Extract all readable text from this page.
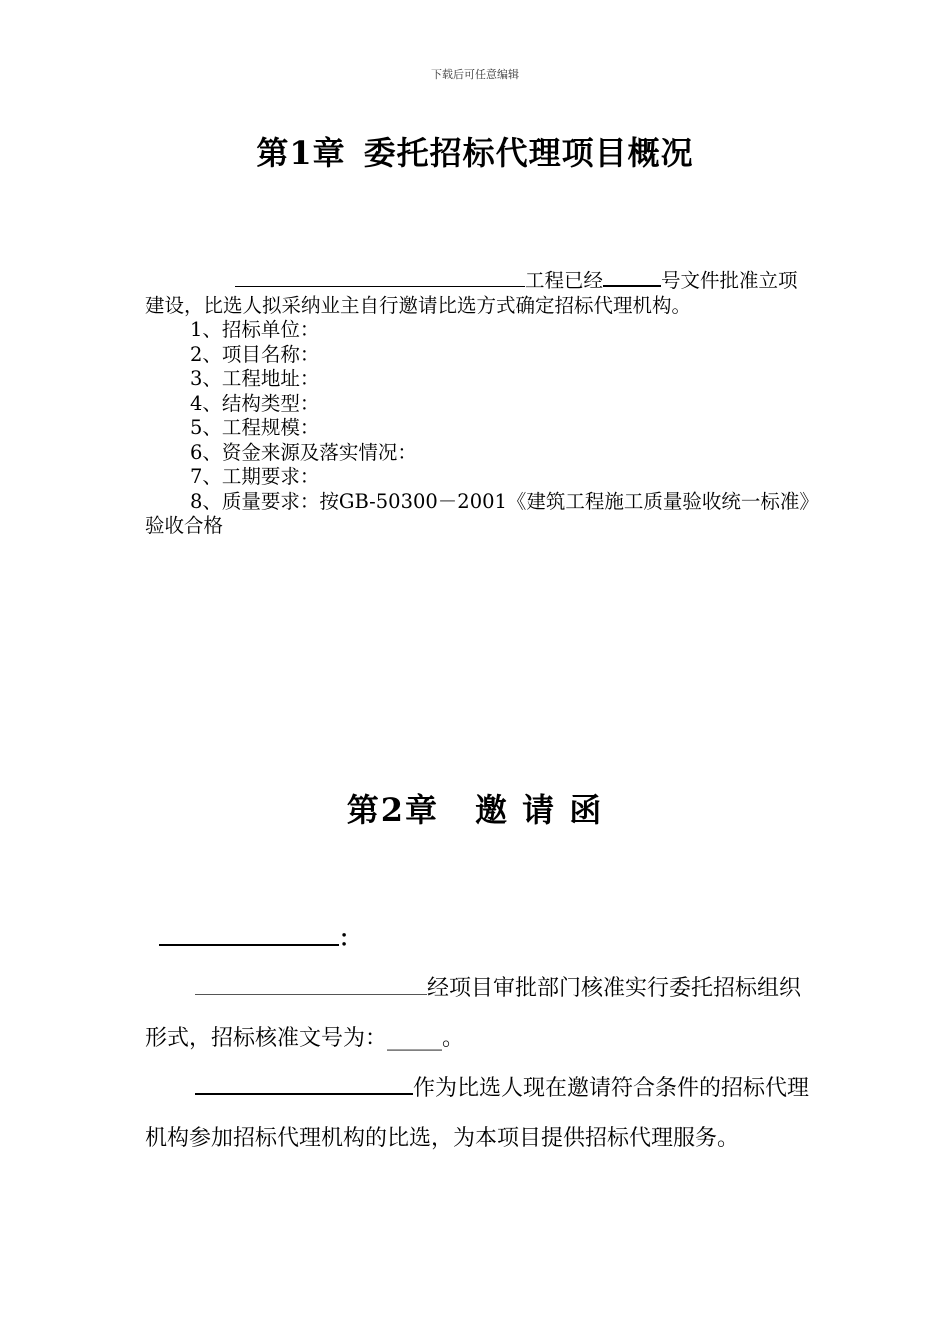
下载后可任意编辑
第1章 委托招标代理项目概况

工程已经	号文件批准立项建设，比选人拟采纳业主自行邀请比选方式确定招标代理机构。

1、招标单位：

2、项目名称：

3、工程地址：

4、结构类型：

5、工程规模：

6、资金来源及落实情况：

7、工期要求：

8、质量要求：按GB-50300－2001《建筑工程施工质量验收统一标准》验收合格

第2章 邀 请 函

：

经项目审批部门核准实行委托招标组织形式，招标核准文号为：_____。

作为比选人现在邀请符合条件的招标代理机构参加招标代理机构的比选，为本项目提供招标代理服务。
